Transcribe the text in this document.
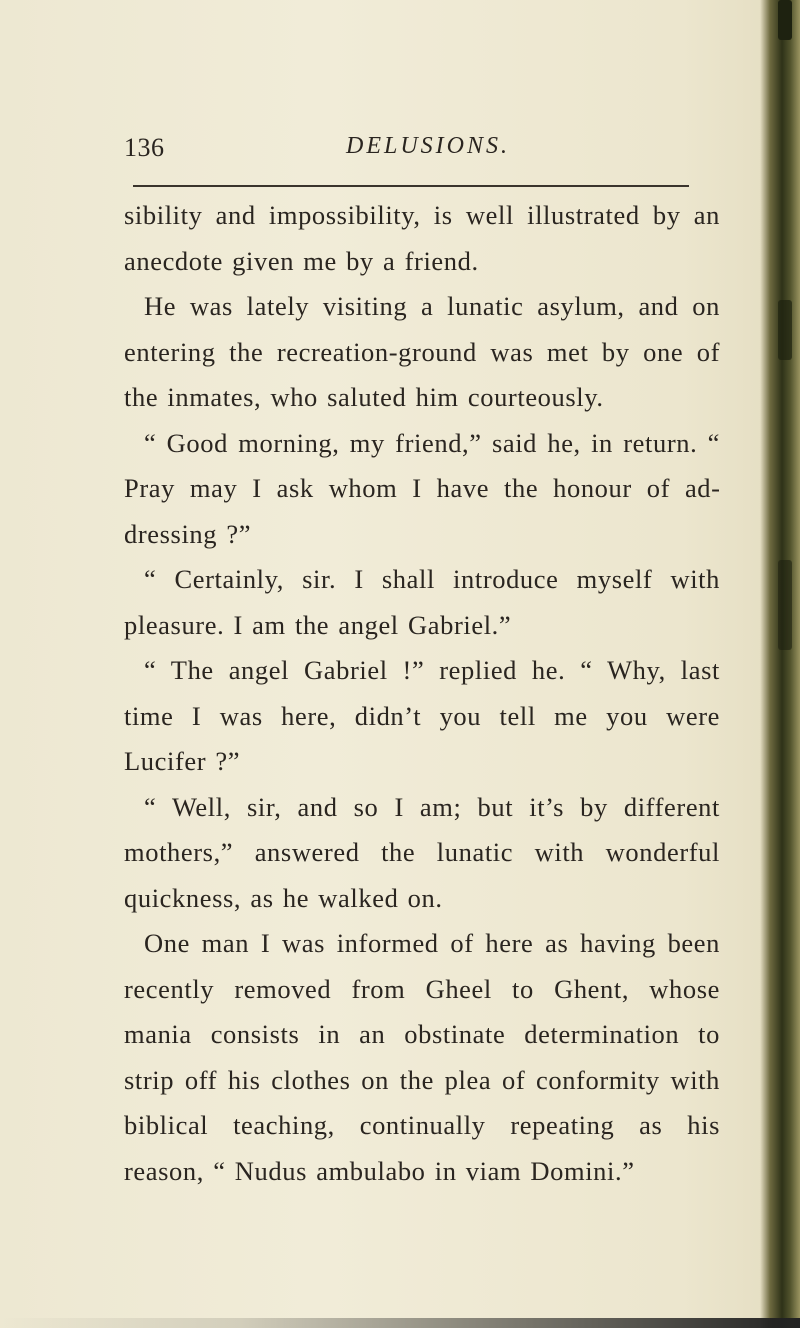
136	DELUSIONS.

sibility and impossibility, is well illustrated by an anecdote given me by a friend.

He was lately visiting a lunatic asylum, and on entering the recreation-ground was met by one of the inmates, who saluted him courteously.

“ Good morning, my friend,” said he, in return. “ Pray may I ask whom I have the honour of addressing ?”

“ Certainly, sir. I shall introduce myself with pleasure. I am the angel Gabriel.”

“ The angel Gabriel !” replied he. “ Why, last time I was here, didn’t you tell me you were Lucifer ?”

“ Well, sir, and so I am; but it’s by different mothers,” answered the lunatic with wonderful quickness, as he walked on.

One man I was informed of here as having been recently removed from Gheel to Ghent, whose mania consists in an obstinate determination to strip off his clothes on the plea of conformity with biblical teaching, continually repeating as his reason, “ Nudus ambulabo in viam Domini.”
